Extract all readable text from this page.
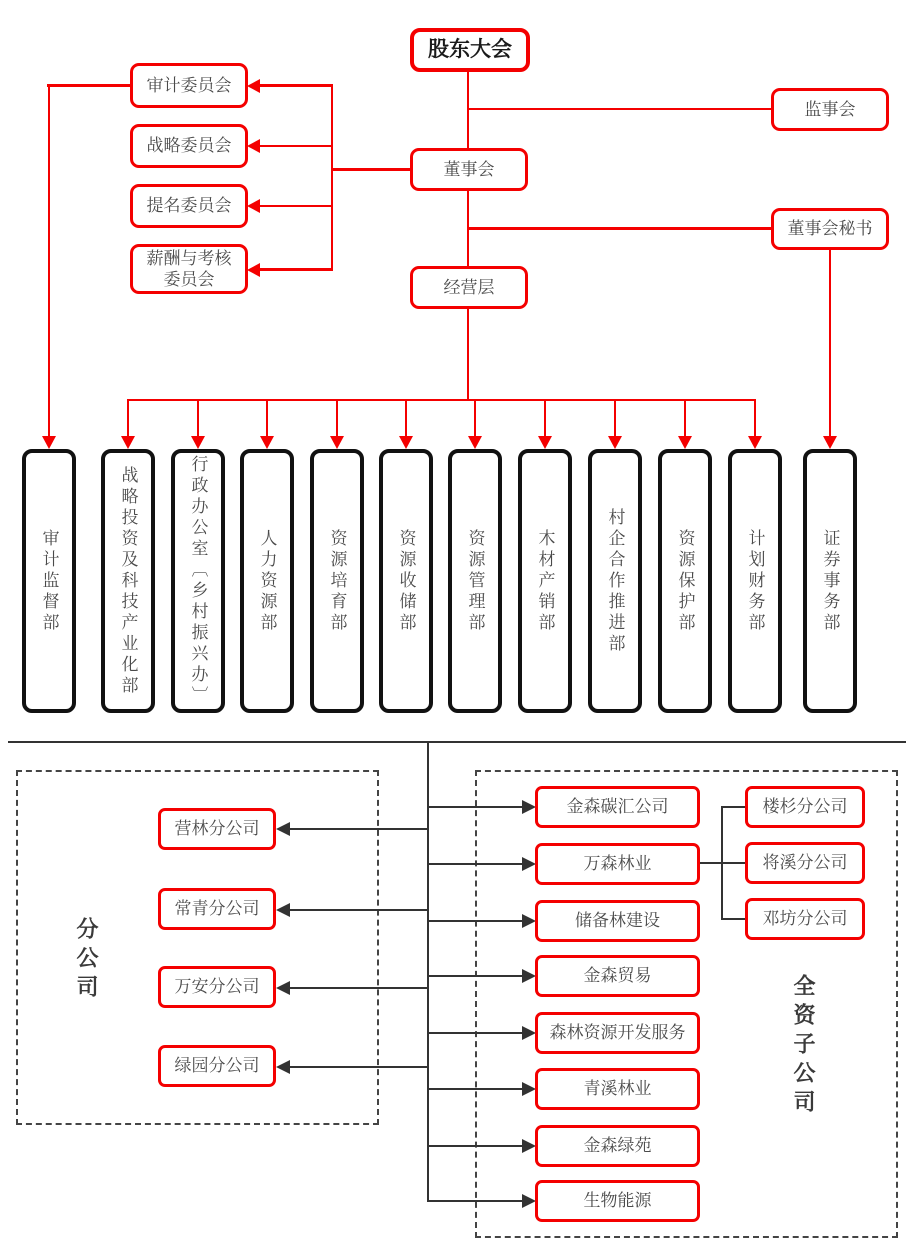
股东大会
审计委员会
战略委员会
提名委员会
薪酬与考核委员会
监事会
董事会
董事会秘书
经营层
审计监督部	战略投资及科技产业化部	行政办公室〔乡村振兴办〕	人力资源部	资源培育部	资源收储部	资源管理部	木材产销部	村企合作推进部	资源保护部	计划财务部	证券事务部
分公司
全资子公司
营林分公司
常青分公司
万安分公司
绿园分公司
金森碳汇公司
万森林业
储备林建设
金森贸易
森林资源开发服务
青溪林业
金森绿苑
生物能源
楼杉分公司
将溪分公司
邓坊分公司
